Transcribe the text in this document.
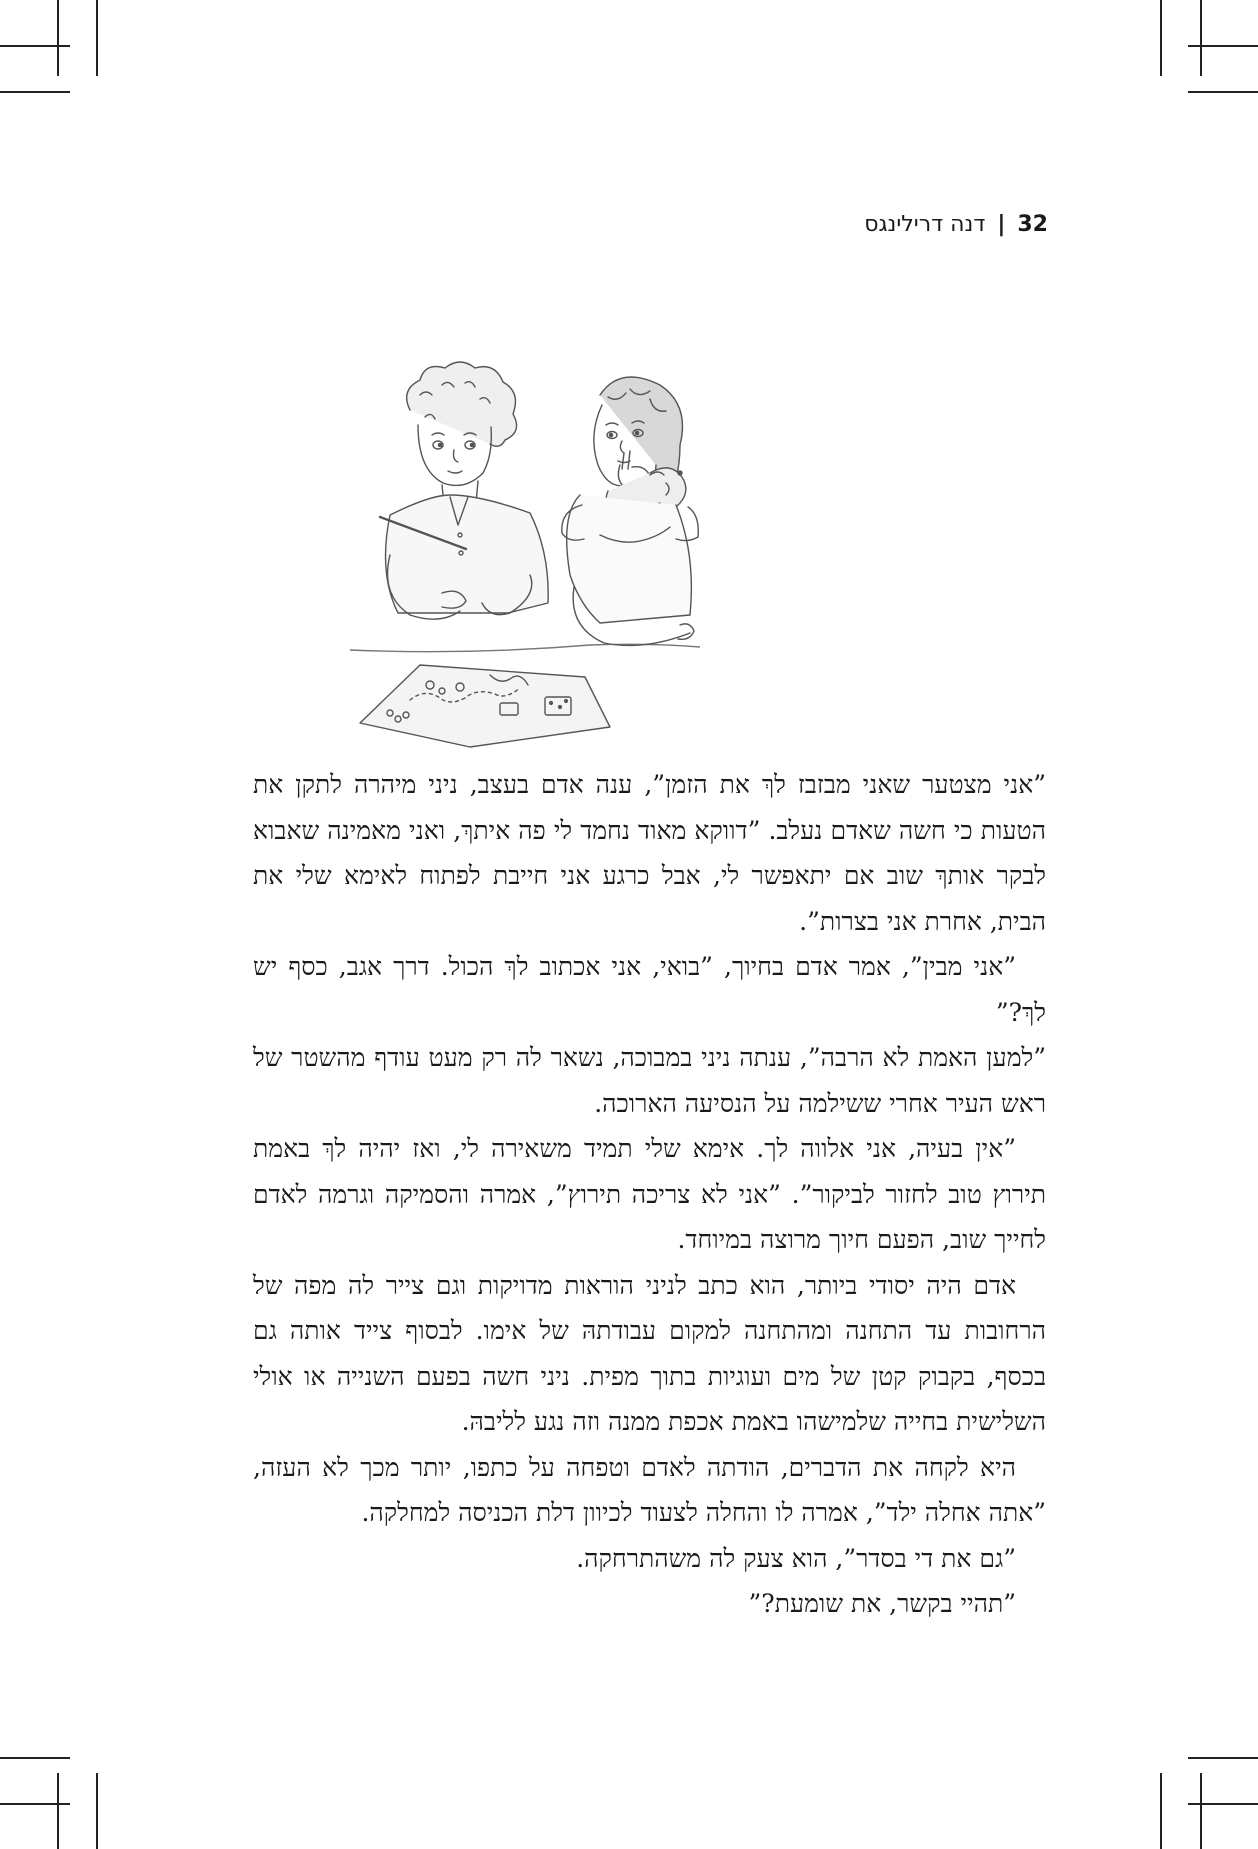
32|דנה דרילינגס

”אני מצטער שאני מבזבז לךְ את הזמן”, ענה אדם בעצב, ניני מיהרה לתקן את הטעות כי חשה שאדם נעלב. ”דווקא מאוד נחמד לי פה איתךְ, ואני מאמינה שאבוא לבקר אותךְ שוב אם יתאפשר לי, אבל כרגע אני חייבת לפתוח לאימא שלי את הבית, אחרת אני בצרות”.

”אני מבין”, אמר אדם בחיוך, ”בואי, אני אכתוב לךְ הכול. דרך אגב, כסף יש לךְ?”

”למען האמת לא הרבה”, ענתה ניני במבוכה, נשאר לה רק מעט עודף מהשטר של ראש העיר אחרי ששילמה על הנסיעה הארוכה.

”אין בעיה, אני אלווה לך. אימא שלי תמיד משאירה לי, ואז יהיה לךְ באמת תירוץ טוב לחזור לביקור”. ”אני לא צריכה תירוץ”, אמרה והסמיקה וגרמה לאדם לחייך שוב, הפעם חיוך מרוצה במיוחד.

אדם היה יסודי ביותר, הוא כתב לניני הוראות מדויקות וגם צייר לה מפה של הרחובות עד התחנה ומהתחנה למקום עבודתהּ של אימו. לבסוף צייד אותה גם בכסף, בקבוק קטן של מים ועוגיות בתוך מפית. ניני חשה בפעם השנייה או אולי השלישית בחייה שלמישהו באמת אכפת ממנה וזה נגע לליבהּ.

היא לקחה את הדברים, הודתה לאדם וטפחה על כתפו, יותר מכך לא העזה, ”אתה אחלה ילד”, אמרה לו והחלה לצעוד לכיוון דלת הכניסה למחלקה.

”גם את די בסדר”, הוא צעק לה משהתרחקה.

”תהיי בקשר, את שומעת?”
